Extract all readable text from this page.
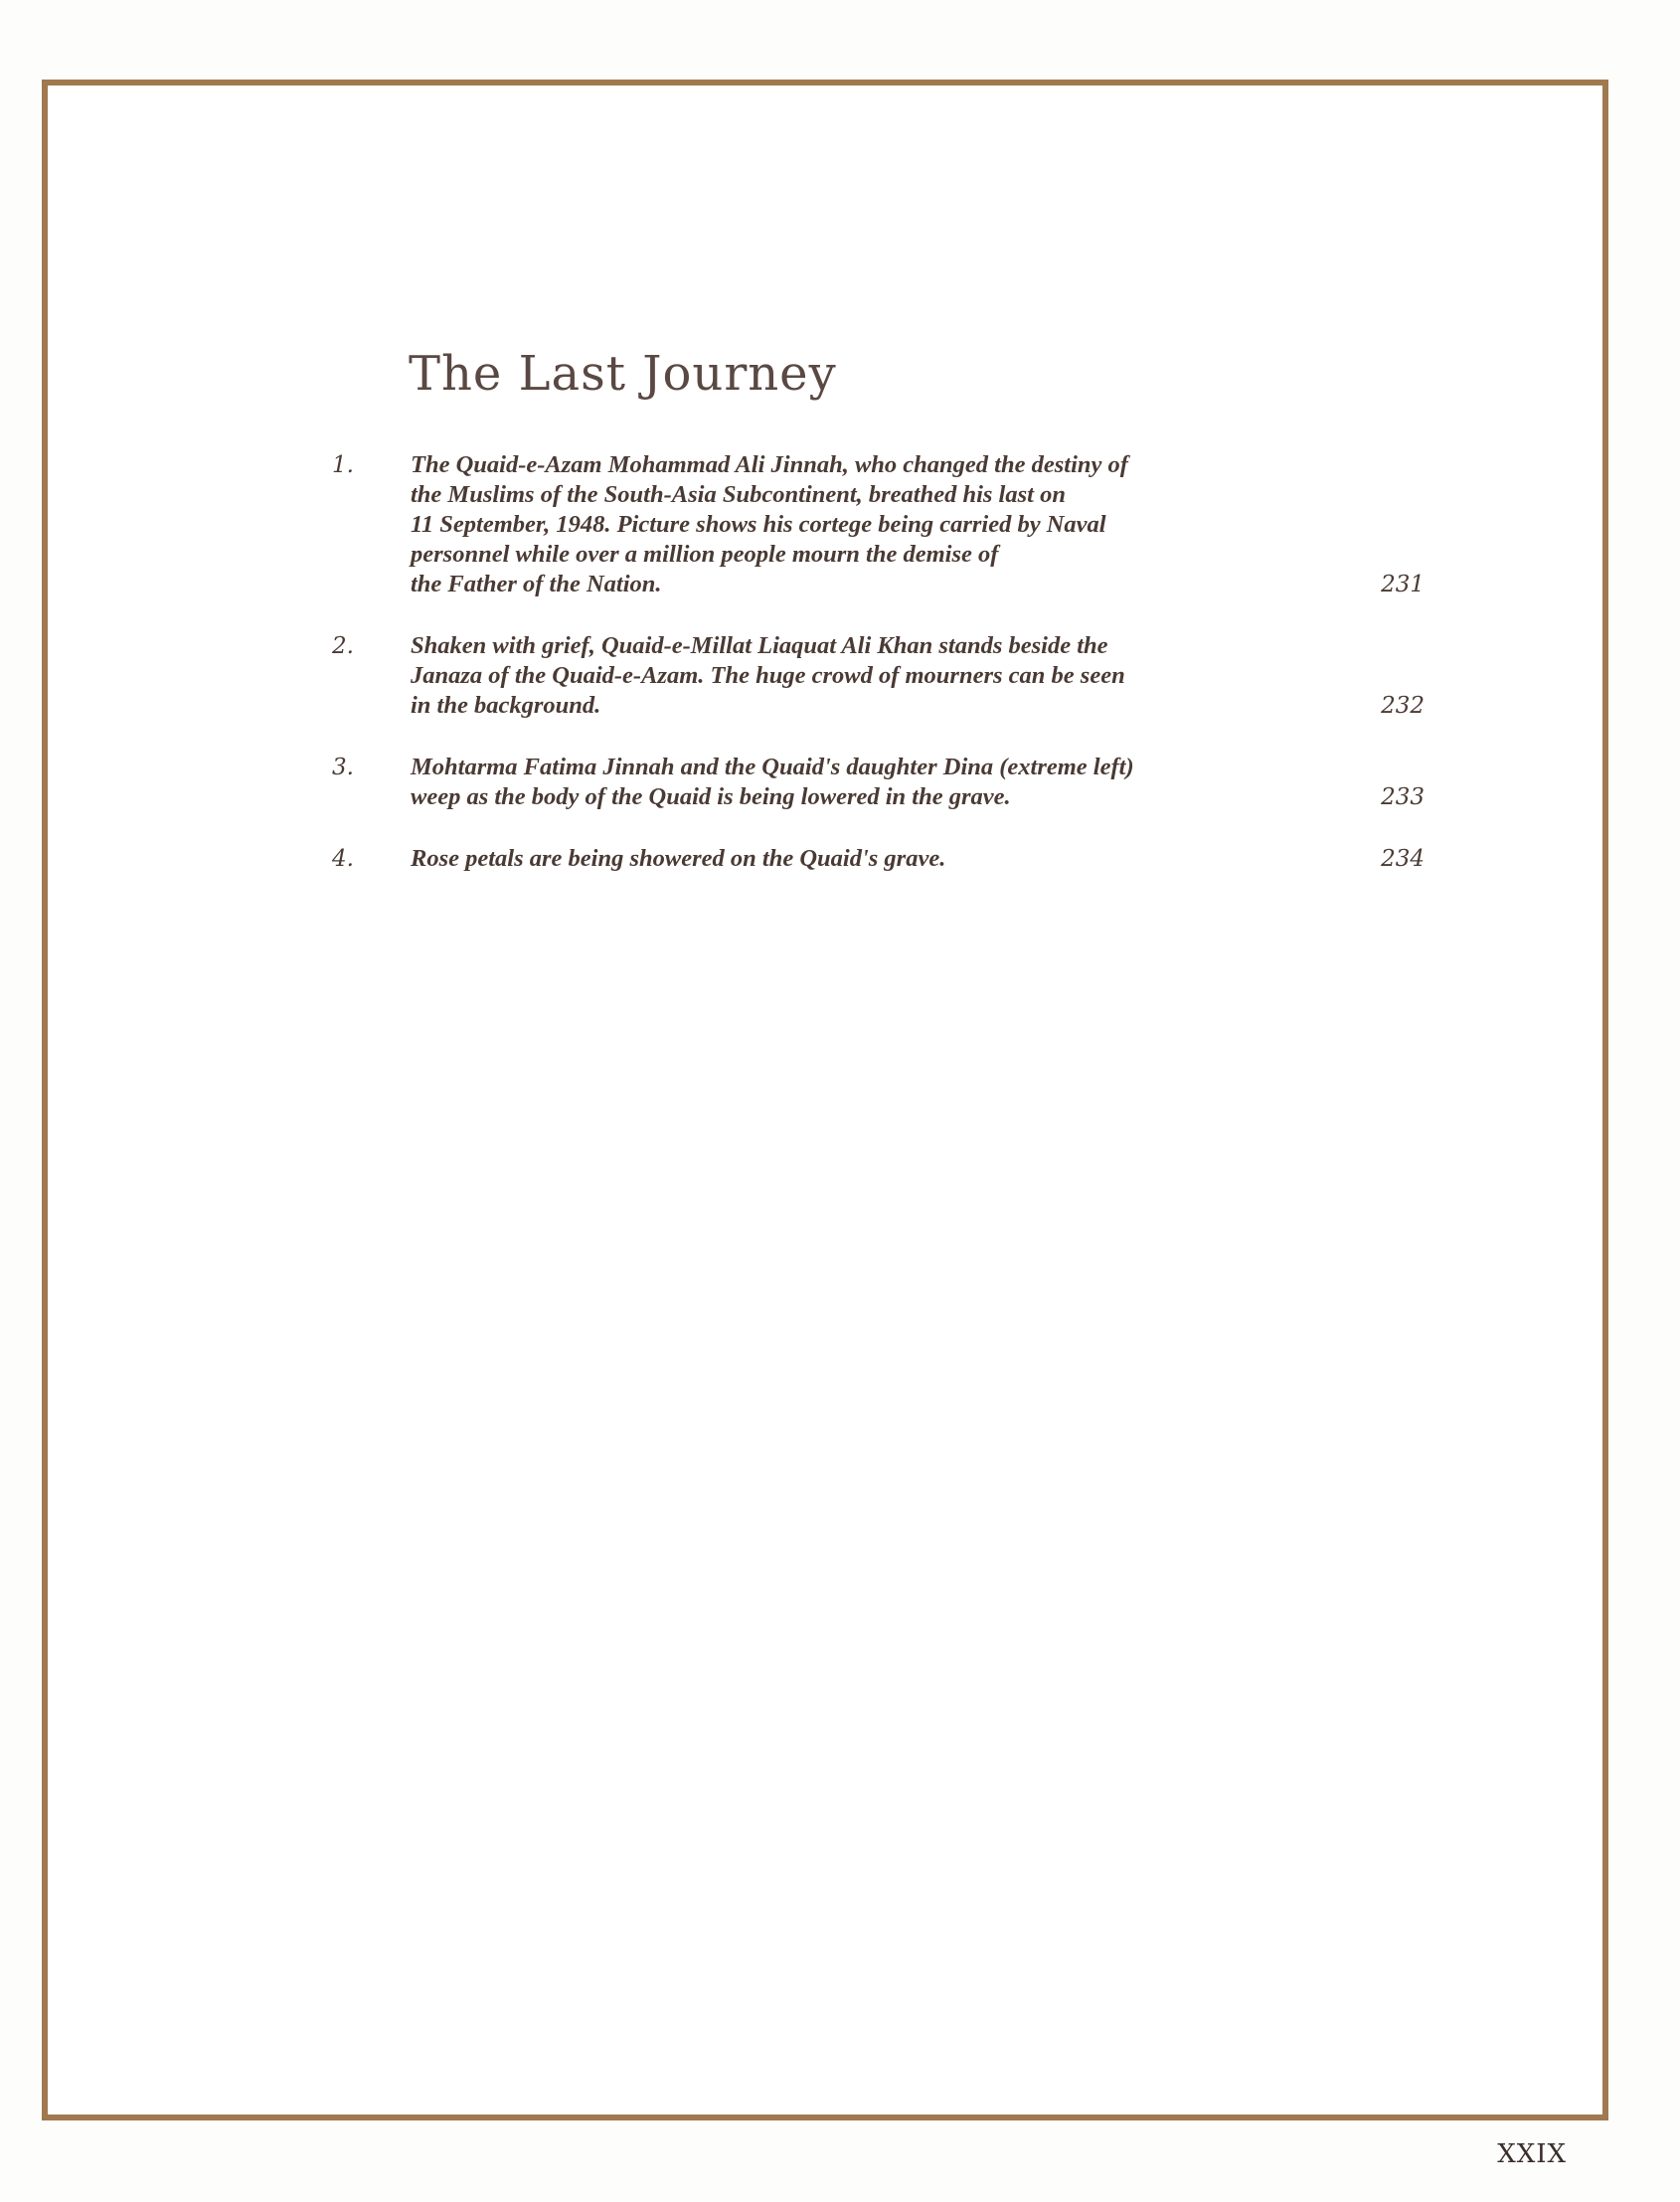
The Last Journey
1. The Quaid-e-Azam Mohammad Ali Jinnah, who changed the destiny of
the Muslims of the South-Asia Subcontinent, breathed his last on
11 September, 1948. Picture shows his cortege being carried by Naval
personnel while over a million people mourn the demise of
the Father of the Nation.	231
2. Shaken with grief, Quaid-e-Millat Liaquat Ali Khan stands beside the
Janaza of the Quaid-e-Azam. The huge crowd of mourners can be seen
in the background.	232
3. Mohtarma Fatima Jinnah and the Quaid's daughter Dina (extreme left)
weep as the body of the Quaid is being lowered in the grave.	233
4. Rose petals are being showered on the Quaid's grave.	234
XXIX
